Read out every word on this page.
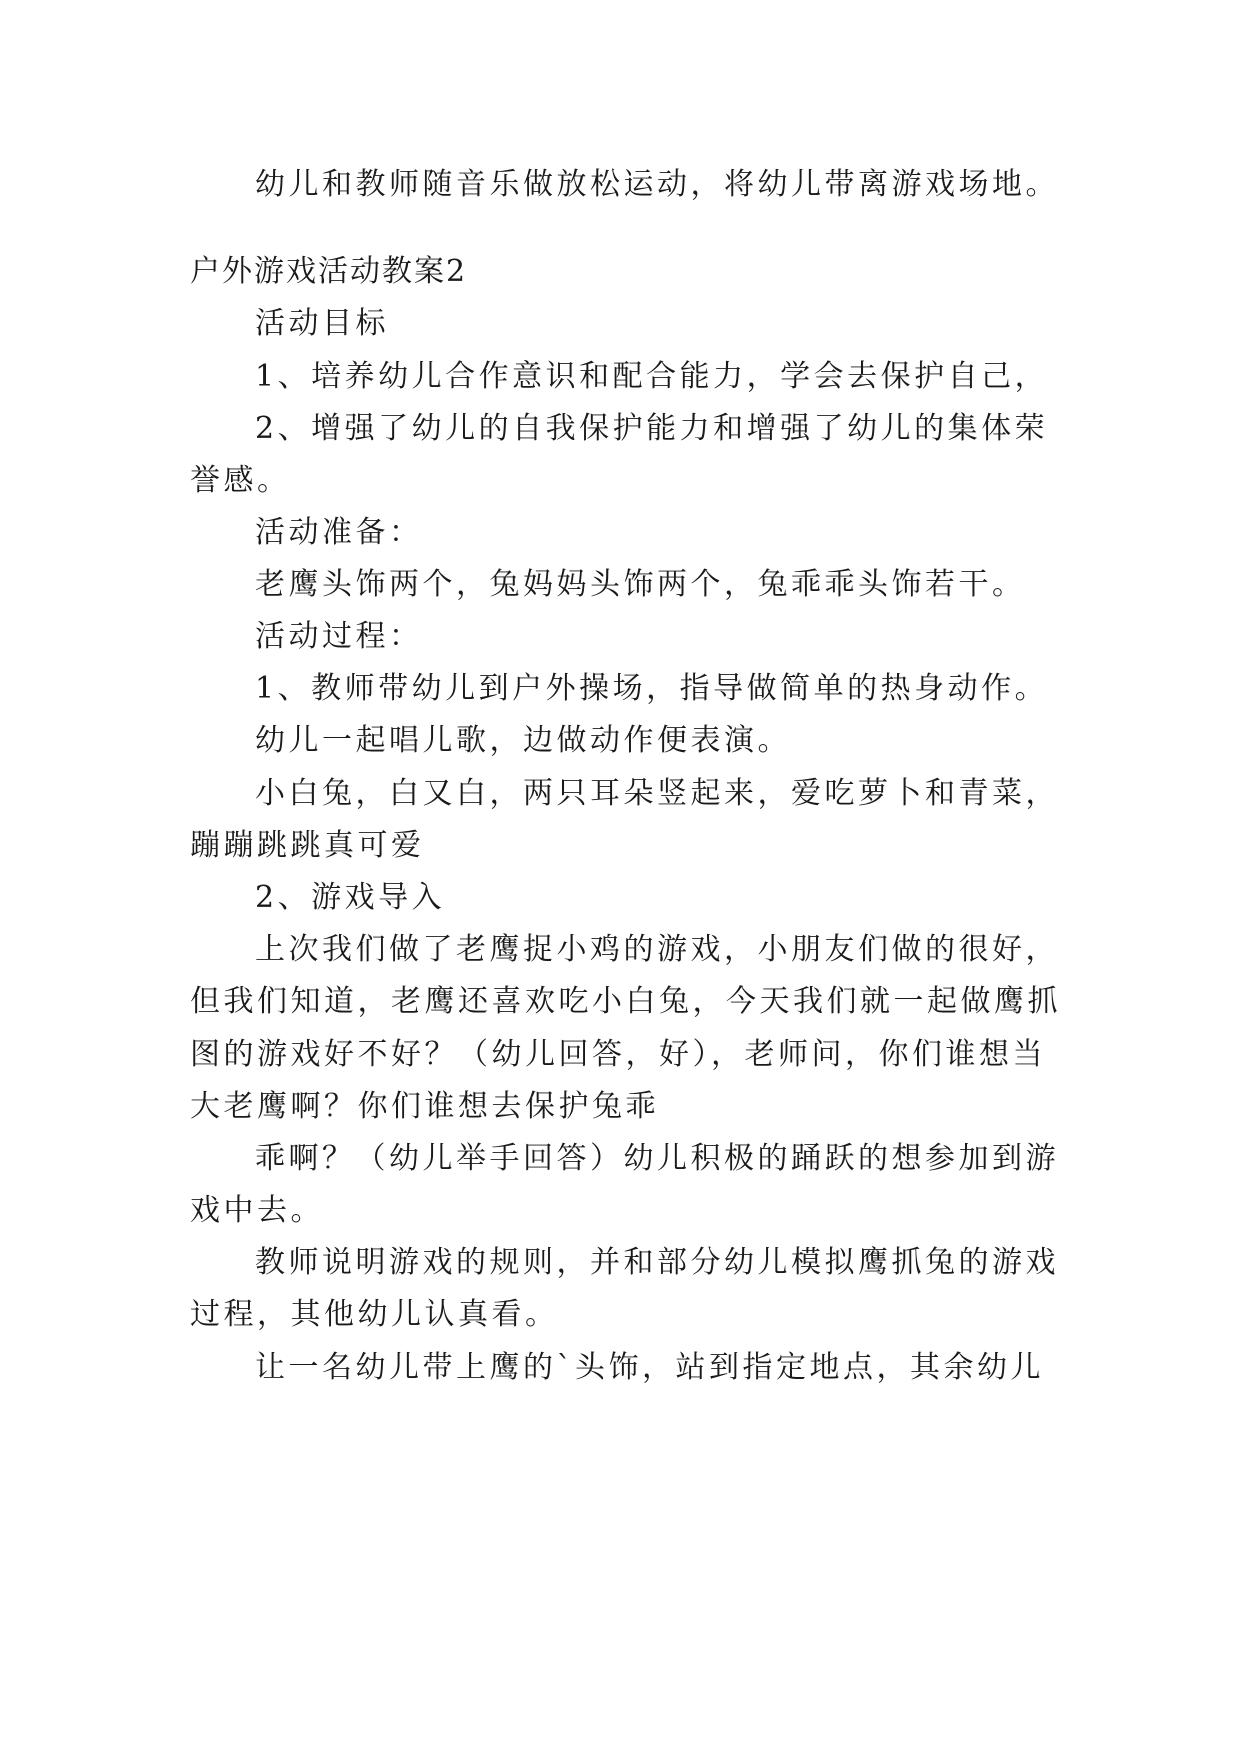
幼儿和教师随音乐做放松运动，将幼儿带离游戏场地。
户外游戏活动教案2
活动目标
1、培养幼儿合作意识和配合能力，学会去保护自己，
2、增强了幼儿的自我保护能力和增强了幼儿的集体荣
誉感。
活动准备：
老鹰头饰两个，兔妈妈头饰两个，兔乖乖头饰若干。
活动过程：
1、教师带幼儿到户外操场，指导做简单的热身动作。
幼儿一起唱儿歌，边做动作便表演。
小白兔，白又白，两只耳朵竖起来，爱吃萝卜和青菜，
蹦蹦跳跳真可爱
2、游戏导入
上次我们做了老鹰捉小鸡的游戏，小朋友们做的很好，
但我们知道，老鹰还喜欢吃小白兔，今天我们就一起做鹰抓
图的游戏好不好？（幼儿回答，好），老师问，你们谁想当
大老鹰啊？你们谁想去保护兔乖
乖啊？（幼儿举手回答）幼儿积极的踊跃的想参加到游
戏中去。
教师说明游戏的规则，并和部分幼儿模拟鹰抓兔的游戏
过程，其他幼儿认真看。
让一名幼儿带上鹰的`头饰，站到指定地点，其余幼儿
